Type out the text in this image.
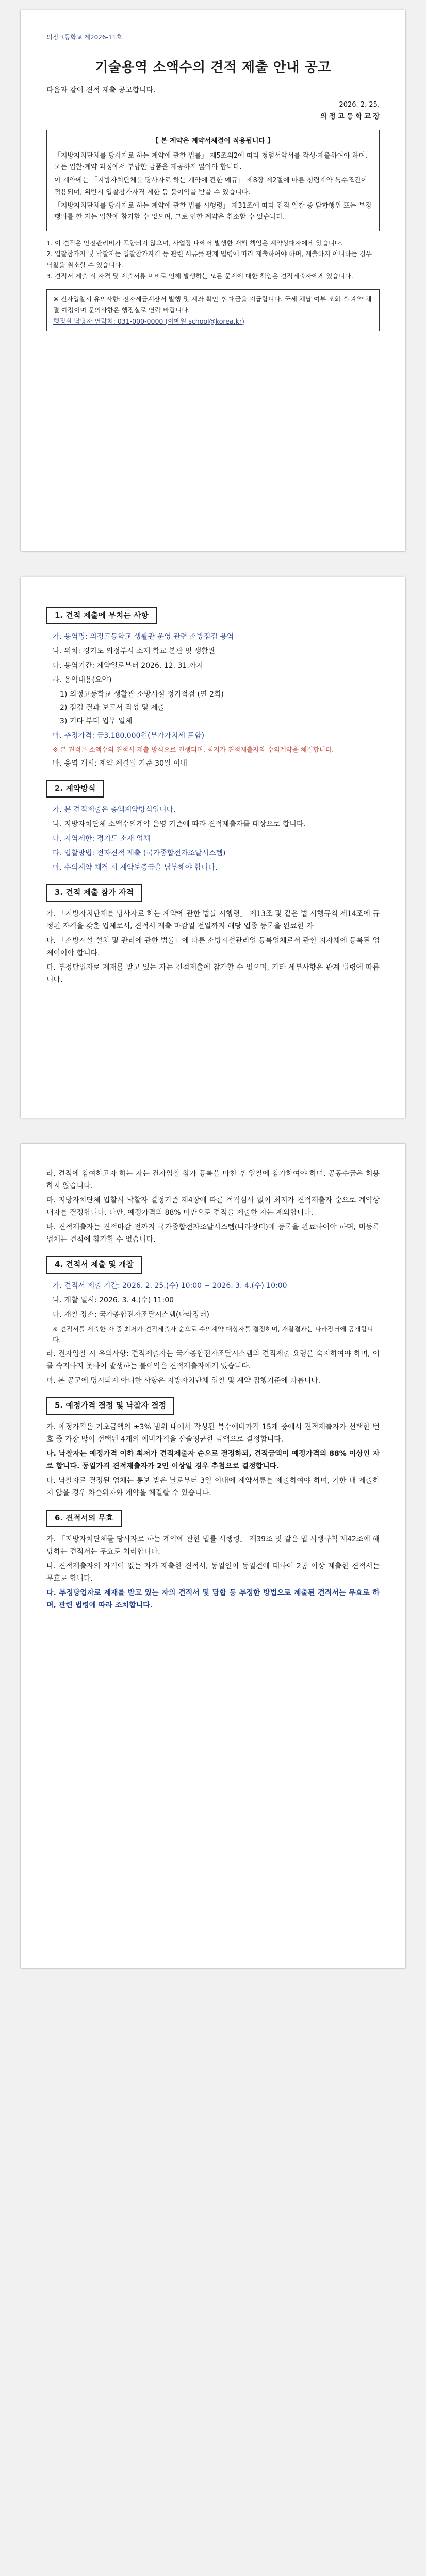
의정고등학교 제2026-11호
기술용역 소액수의 견적 제출 안내 공고
다음과 같이 견적 제출 공고합니다.
2026. 2. 25.
의 정 고 등 학 교 장
【 본 계약은 계약서체결이 적용됩니다 】
「지방자치단체를 당사자로 하는 계약에 관한 법률」 제5조의2에 따라 청렴서약서를 작성·제출하여야 하며, 모든 입찰·계약 과정에서 부당한 금품을 제공하지 않아야 합니다.
이 계약에는 「지방자치단체를 당사자로 하는 계약에 관한 예규」 제8장 제2절에 따른 청렴계약 특수조건이 적용되며, 위반시 입찰참가자격 제한 등 불이익을 받을 수 있습니다.
「지방자치단체를 당사자로 하는 계약에 관한 법률 시행령」 제31조에 따라 견적 입찰 중 담합행위 또는 부정행위를 한 자는 입찰에 참가할 수 없으며, 그로 인한 계약은 취소할 수 있습니다.
1. 이 견적은 안전관리비가 포함되지 않으며, 사업장 내에서 발생한 재해 책임은 계약상대자에게 있습니다.
2. 입찰참가자 및 낙찰자는 입찰참가자격 등 관련 서류를 관계 법령에 따라 제출하여야 하며, 제출하지 아니하는 경우 낙찰을 취소할 수 있습니다.
3. 견적서 제출 시 자격 및 제출서류 미비로 인해 발생하는 모든 문제에 대한 책임은 견적제출자에게 있습니다.
※ 전자입찰시 유의사항: 전자세금계산서 발행 및 계좌 확인 후 대금을 지급합니다. 국세 체납 여부 조회 후 계약 체결 예정이며 문의사항은 행정실로 연락 바랍니다.
행정실 담당자 연락처: 031-000-0000 (이메일 school@korea.kr)
1. 견적 제출에 부치는 사항
가. 용역명: 의정고등학교 생활관 운영 관련 소방점검 용역
나. 위치: 경기도 의정부시 소재 학교 본관 및 생활관
다. 용역기간: 계약일로부터 2026. 12. 31.까지
라. 용역내용(요약)
1) 의정고등학교 생활관 소방시설 정기점검 (연 2회)
2) 점검 결과 보고서 작성 및 제출
3) 기타 부대 업무 일체
마. 추정가격: 금3,180,000원(부가가치세 포함)
※ 본 견적은 소액수의 견적서 제출 방식으로 진행되며, 최저가 견적제출자와 수의계약을 체결합니다.
바. 용역 개시: 계약 체결일 기준 30일 이내
2. 계약방식
가. 본 견적제출은 총액계약방식입니다.
나. 지방자치단체 소액수의계약 운영 기준에 따라 견적제출자를 대상으로 합니다.
다. 지역제한: 경기도 소재 업체
라. 입찰방법: 전자견적 제출 (국가종합전자조달시스템)
마. 수의계약 체결 시 계약보증금을 납부해야 합니다.
3. 견적 제출 참가 자격
가. 「지방자치단체를 당사자로 하는 계약에 관한 법률 시행령」 제13조 및 같은 법 시행규칙 제14조에 규정된 자격을 갖춘 업체로서, 견적서 제출 마감일 전일까지 해당 업종 등록을 완료한 자
나. 「소방시설 설치 및 관리에 관한 법률」에 따른 소방시설관리업 등록업체로서 관할 지자체에 등록된 업체이어야 합니다.
다. 부정당업자로 제재를 받고 있는 자는 견적제출에 참가할 수 없으며, 기타 세부사항은 관계 법령에 따릅니다.
라. 견적에 참여하고자 하는 자는 전자입찰 참가 등록을 마친 후 입찰에 참가하여야 하며, 공동수급은 허용하지 않습니다.
마. 지방자치단체 입찰시 낙찰자 결정기준 제4장에 따른 적격심사 없이 최저가 견적제출자 순으로 계약상대자를 결정합니다. 다만, 예정가격의 88% 미만으로 견적을 제출한 자는 제외합니다.
바. 견적제출자는 견적마감 전까지 국가종합전자조달시스템(나라장터)에 등록을 완료하여야 하며, 미등록 업체는 견적에 참가할 수 없습니다.
4. 견적서 제출 및 개찰
가. 견적서 제출 기간: 2026. 2. 25.(수) 10:00 ~ 2026. 3. 4.(수) 10:00
나. 개찰 일시: 2026. 3. 4.(수) 11:00
다. 개찰 장소: 국가종합전자조달시스템(나라장터)
※ 견적서를 제출한 자 중 최저가 견적제출자 순으로 수의계약 대상자를 결정하며, 개찰결과는 나라장터에 공개합니다.
라. 전자입찰 시 유의사항: 견적제출자는 국가종합전자조달시스템의 견적제출 요령을 숙지하여야 하며, 이를 숙지하지 못하여 발생하는 불이익은 견적제출자에게 있습니다.
마. 본 공고에 명시되지 아니한 사항은 지방자치단체 입찰 및 계약 집행기준에 따릅니다.
5. 예정가격 결정 및 낙찰자 결정
가. 예정가격은 기초금액의 ±3% 범위 내에서 작성된 복수예비가격 15개 중에서 견적제출자가 선택한 번호 중 가장 많이 선택된 4개의 예비가격을 산술평균한 금액으로 결정합니다.
나. 낙찰자는 예정가격 이하 최저가 견적제출자 순으로 결정하되, 견적금액이 예정가격의 88% 이상인 자로 합니다. 동일가격 견적제출자가 2인 이상일 경우 추첨으로 결정합니다.
다. 낙찰자로 결정된 업체는 통보 받은 날로부터 3일 이내에 계약서류를 제출하여야 하며, 기한 내 제출하지 않을 경우 차순위자와 계약을 체결할 수 있습니다.
6. 견적서의 무효
가. 「지방자치단체를 당사자로 하는 계약에 관한 법률 시행령」 제39조 및 같은 법 시행규칙 제42조에 해당하는 견적서는 무효로 처리합니다.
나. 견적제출자의 자격이 없는 자가 제출한 견적서, 동일인이 동일건에 대하여 2통 이상 제출한 견적서는 무효로 합니다.
다. 부정당업자로 제재를 받고 있는 자의 견적서 및 담합 등 부정한 방법으로 제출된 견적서는 무효로 하며, 관련 법령에 따라 조치합니다.
